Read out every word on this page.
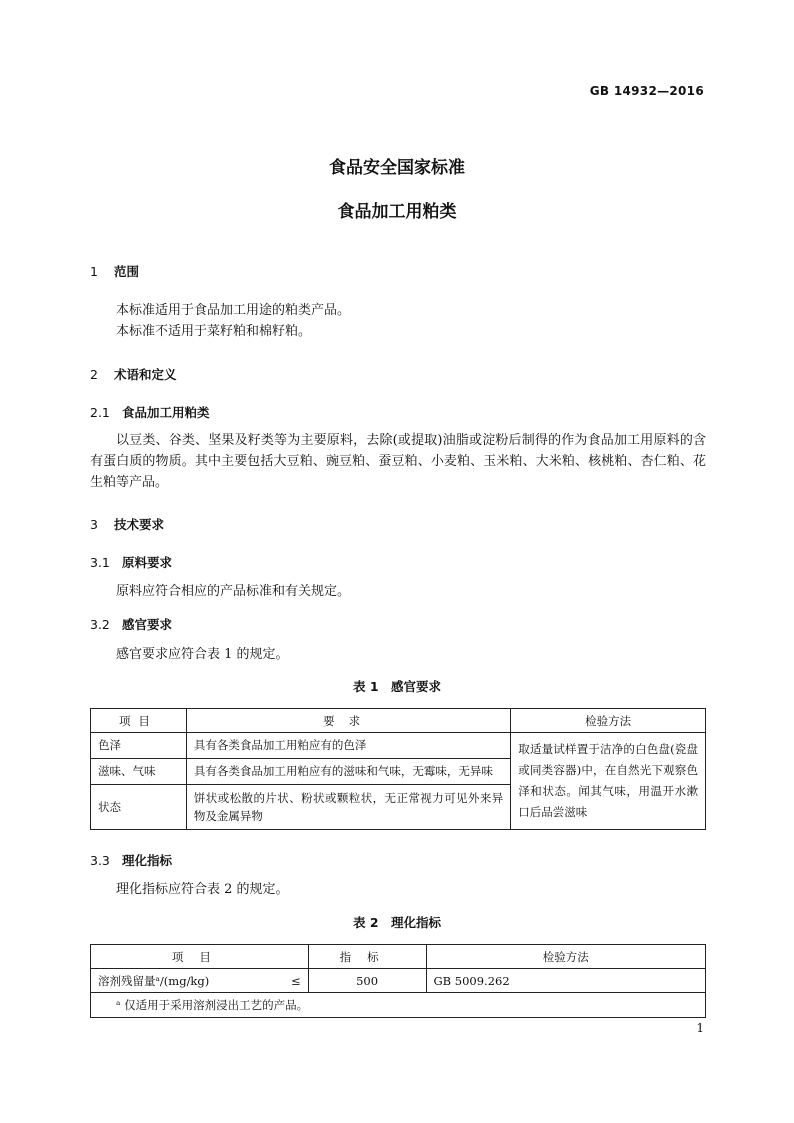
GB 14932—2016
食品安全国家标准
食品加工用粕类
1 范围
本标准适用于食品加工用途的粕类产品。
本标准不适用于菜籽粕和棉籽粕。
2 术语和定义
2.1 食品加工用粕类
以豆类、谷类、坚果及籽类等为主要原料，去除(或提取)油脂或淀粉后制得的作为食品加工用原料的含有蛋白质的物质。其中主要包括大豆粕、豌豆粕、蚕豆粕、小麦粕、玉米粕、大米粕、核桃粕、杏仁粕、花生粕等产品。
3 技术要求
3.1 原料要求
原料应符合相应的产品标准和有关规定。
3.2 感官要求
感官要求应符合表 1 的规定。
表 1　感官要求
项目	要求	检验方法
色泽	具有各类食品加工用粕应有的色泽	取适量试样置于洁净的白色盘(瓷盘或同类容器)中，在自然光下观察色泽和状态。闻其气味，用温开水漱口后品尝滋味
滋味、气味	具有各类食品加工用粕应有的滋味和气味，无霉味，无异味	
状态	饼状或松散的片状、粉状或颗粒状，无正常视力可见外来异物及金属异物	
3.3 理化指标
理化指标应符合表 2 的规定。
表 2　理化指标
项目		指标	检验方法
溶剂残留量ᵃ/(mg/kg)	≤	500	GB 5009.262
ᵃ 仅适用于采用溶剂浸出工艺的产品。
1
